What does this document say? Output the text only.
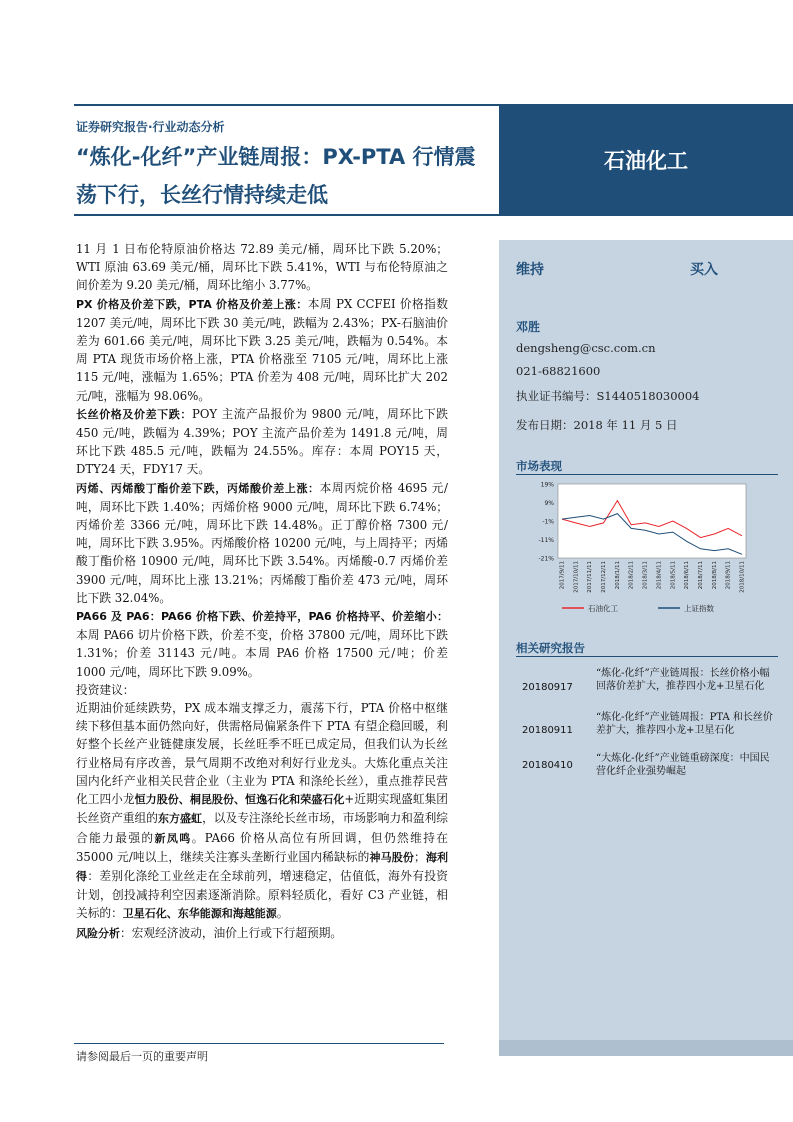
证券研究报告·行业动态分析
“炼化-化纤”产业链周报：PX-PTA 行情震荡下行，长丝行情持续走低
石油化工

11 月 1 日布伦特原油价格达 72.89 美元/桶，周环比下跌 5.20%；WTI 原油 63.69 美元/桶，周环比下跌 5.41%，WTI 与布伦特原油之间价差为 9.20 美元/桶，周环比缩小 3.77%。

PX 价格及价差下跌，PTA 价格及价差上涨：本周 PX CCFEI 价格指数 1207 美元/吨，周环比下跌 30 美元/吨，跌幅为 2.43%；PX-石脑油价差为 601.66 美元/吨，周环比下跌 3.25 美元/吨，跌幅为 0.54%。本周 PTA 现货市场价格上涨，PTA 价格涨至 7105 元/吨，周环比上涨 115 元/吨，涨幅为 1.65%；PTA 价差为 408 元/吨，周环比扩大 202 元/吨，涨幅为 98.06%。

长丝价格及价差下跌：POY 主流产品报价为 9800 元/吨，周环比下跌 450 元/吨，跌幅为 4.39%；POY 主流产品价差为 1491.8 元/吨，周环比下跌 485.5 元/吨，跌幅为 24.55%。库存：本周 POY15 天，DTY24 天，FDY17 天。

丙烯、丙烯酸丁酯价差下跌，丙烯酸价差上涨：本周丙烷价格 4695 元/吨，周环比下跌 1.40%；丙烯价格 9000 元/吨，周环比下跌 6.74%；丙烯价差 3366 元/吨，周环比下跌 14.48%。正丁醇价格 7300 元/吨，周环比下跌 3.95%。丙烯酸价格 10200 元/吨，与上周持平；丙烯酸丁酯价格 10900 元/吨，周环比下跌 3.54%。丙烯酸-0.7 丙烯价差 3900 元/吨，周环比上涨 13.21%；丙烯酸丁酯价差 473 元/吨，周环比下跌 32.04%。

PA66 及 PA6：PA66 价格下跌、价差持平，PA6 价格持平、价差缩小：本周 PA66 切片价格下跌，价差不变，价格 37800 元/吨，周环比下跌 1.31%；价差 31143 元/吨。本周 PA6 价格 17500 元/吨；价差 1000 元/吨，周环比下跌 9.09%。

投资建议：

近期油价延续跌势，PX 成本端支撑乏力，震荡下行，PTA 价格中枢继续下移但基本面仍然向好，供需格局偏紧条件下 PTA 有望企稳回暖，利好整个长丝产业链健康发展，长丝旺季不旺已成定局，但我们认为长丝行业格局有序改善，景气周期不改绝对利好行业龙头。大炼化重点关注国内化纤产业相关民营企业（主业为 PTA 和涤纶长丝），重点推荐民营化工四小龙恒力股份、桐昆股份、恒逸石化和荣盛石化+近期实现盛虹集团长丝资产重组的东方盛虹，以及专注涤纶长丝市场，市场影响力和盈利综合能力最强的新凤鸣。PA66 价格从高位有所回调，但仍然维持在 35000 元/吨以上，继续关注寡头垄断行业国内稀缺标的神马股份；海利得：差别化涤纶工业丝走在全球前列，增速稳定，估值低，海外有投资计划，创投减持利空因素逐渐消除。原料轻质化，看好 C3 产业链，相关标的：卫星石化、东华能源和海越能源。

风险分析：宏观经济波动，油价上行或下行超预期。

维持	买入
邓胜
dengsheng@csc.com.cn
021-68821600
执业证书编号：S1440518030004
发布日期：2018 年 11 月 5 日
市场表现
19%
9%
-1%
-11%
-21%
2017/9/11 2017/10/11 2017/11/11 2017/12/11 2018/1/11 2018/2/11 2018/3/11 2018/4/11 2018/5/11 2018/6/11 2018/7/11 2018/8/11 2018/9/11 2018/10/11
石油化工	上证指数
相关研究报告
20180917
“炼化-化纤”产业链周报：长丝价格小幅回落价差扩大，推荐四小龙+卫星石化
20180911
“炼化-化纤”产业链周报：PTA 和长丝价差扩大，推荐四小龙+卫星石化
20180410
“大炼化-化纤”产业链重磅深度：中国民营化纤企业强势崛起
请参阅最后一页的重要声明
